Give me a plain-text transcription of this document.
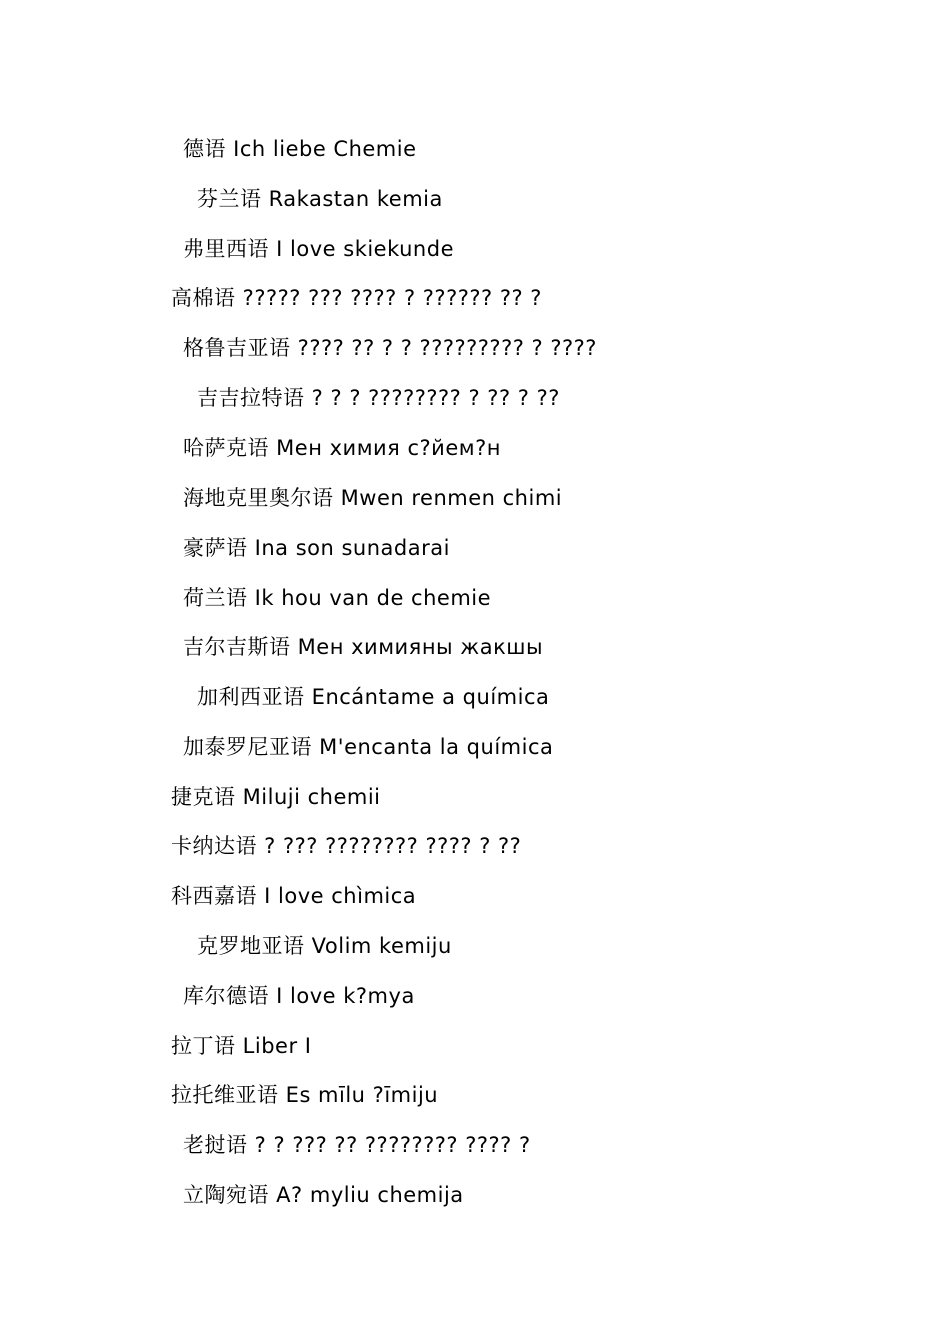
德语 Ich liebe Chemie
芬兰语 Rakastan kemia
弗里西语 I love skiekunde
高棉语 ????? ??? ???? ? ?????? ?? ?
格鲁吉亚语 ???? ?? ? ? ????????? ? ????
吉吉拉特语 ? ? ? ???????? ? ?? ? ??
哈萨克语 Мен химия с?йем?н
海地克里奥尔语 Mwen renmen chimi
豪萨语 Ina son sunadarai
荷兰语 Ik hou van de chemie
吉尔吉斯语 Мен химияны жакшы
加利西亚语 Encántame a química
加泰罗尼亚语 M'encanta la química
捷克语 Miluji chemii
卡纳达语 ? ??? ???????? ???? ? ??
科西嘉语 I love chìmica
克罗地亚语 Volim kemiju
库尔德语 I love k?mya
拉丁语 Liber I
拉托维亚语 Es mīlu ?īmiju
老挝语 ? ? ??? ?? ???????? ???? ?
立陶宛语 A? myliu chemija
